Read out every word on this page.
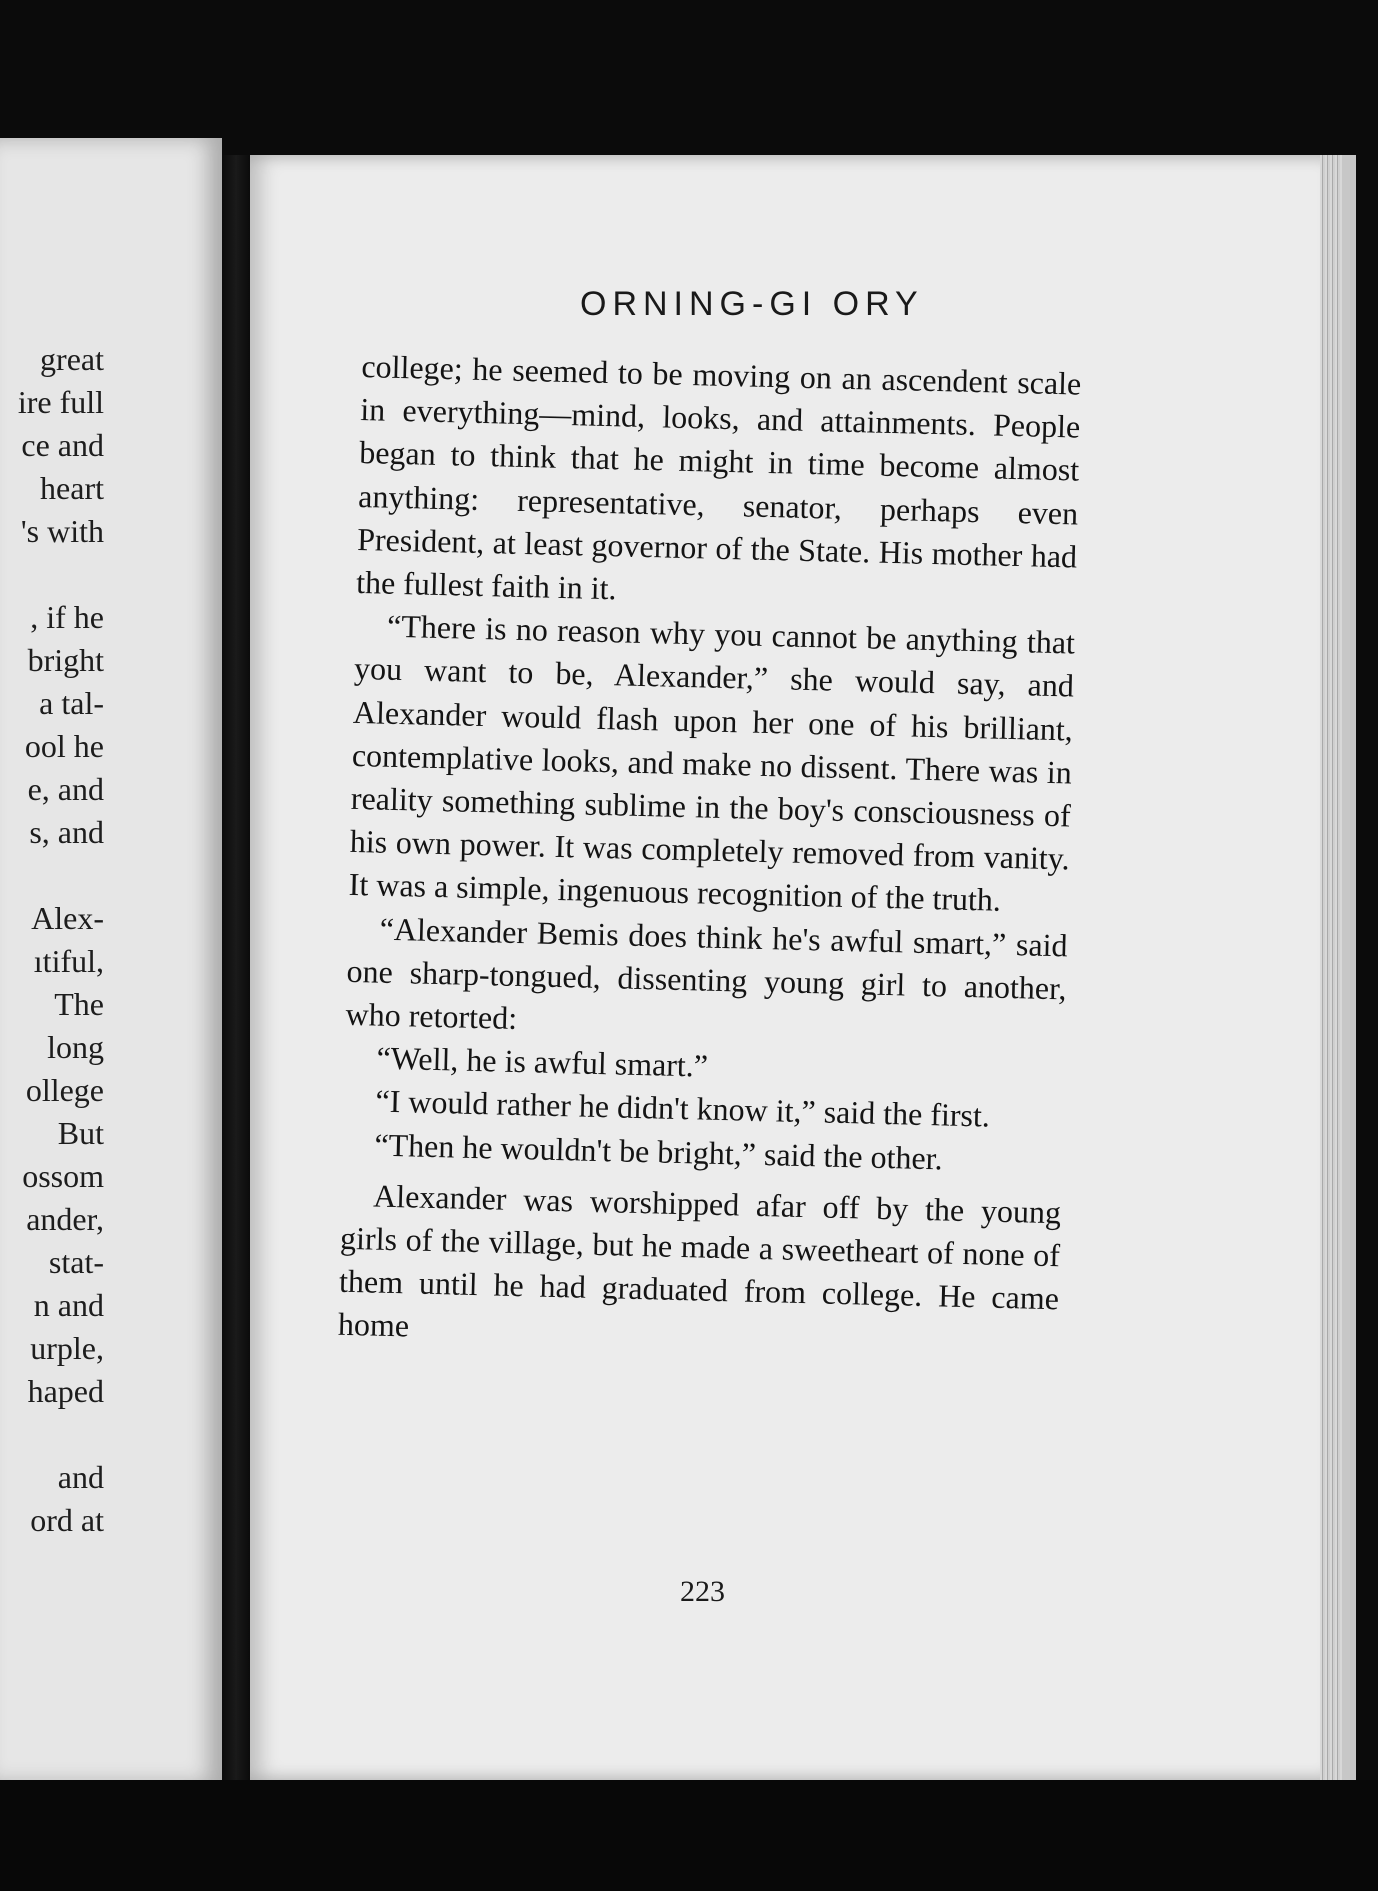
great
ire full
ce and
heart
's with
, if he
bright
a tal-
ool he
e, and
s, and
Alex-
ıtiful,
The
long
ollege
But
ossom
ander,
stat-
n and
urple,
haped
and
ord at
ORNING-GI ORY

college; he seemed to be moving on an ascendent scale in everything—mind, looks, and attainments. People began to think that he might in time become almost anything: representative, senator, perhaps even President, at least governor of the State. His mother had the fullest faith in it.

“There is no reason why you cannot be anything that you want to be, Alexander,” she would say, and Alexander would flash upon her one of his brilliant, contemplative looks, and make no dissent. There was in reality something sublime in the boy's consciousness of his own power. It was completely removed from vanity. It was a simple, ingenuous recognition of the truth.

“Alexander Bemis does think he's awful smart,” said one sharp-tongued, dissenting young girl to another, who retorted:

“Well, he is awful smart.”

“I would rather he didn't know it,” said the first.

“Then he wouldn't be bright,” said the other.

Alexander was worshipped afar off by the young girls of the village, but he made a sweetheart of none of them until he had graduated from college. He came home

223
